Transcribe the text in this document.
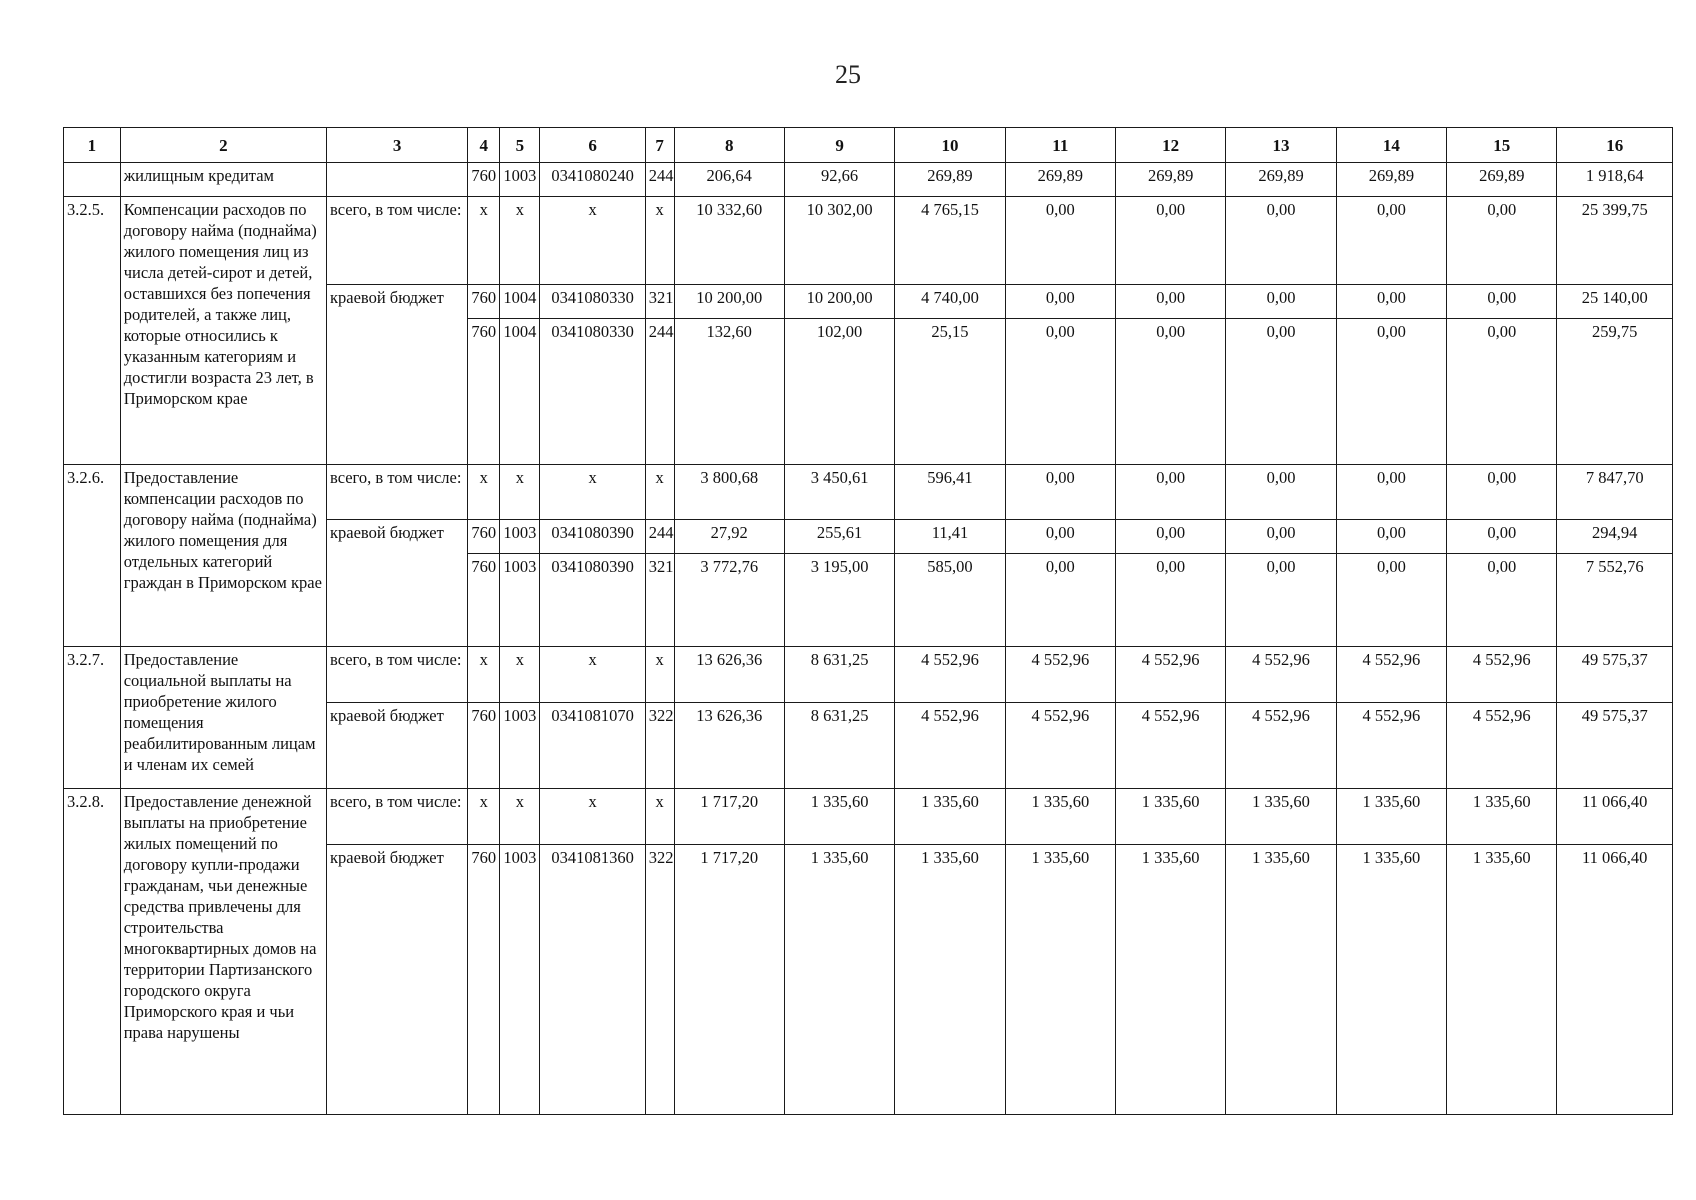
25
1	2	3	4	5	6	7	8	9	10	11	12	13	14	15	16
	жилищным кредитам		760	1003	0341080240	244	206,64	92,66	269,89	269,89	269,89	269,89	269,89	269,89	1 918,64
3.2.5.	Компенсации расходов по договору найма (поднайма) жилого помещения лиц из числа детей-сирот и детей, оставшихся без попечения родителей, а также лиц, которые относились к указанным категориям и достигли возраста 23 лет, в Приморском крае	всего, в том числе:	х	х	х	х	10 332,60	10 302,00	4 765,15	0,00	0,00	0,00	0,00	0,00	25 399,75
		краевой бюджет	760	1004	0341080330	321	10 200,00	10 200,00	4 740,00	0,00	0,00	0,00	0,00	0,00	25 140,00
			760	1004	0341080330	244	132,60	102,00	25,15	0,00	0,00	0,00	0,00	0,00	259,75
3.2.6.	Предоставление компенсации расходов по договору найма (поднайма) жилого помещения для отдельных категорий граждан в Приморском крае	всего, в том числе:	х	х	х	х	3 800,68	3 450,61	596,41	0,00	0,00	0,00	0,00	0,00	7 847,70
		краевой бюджет	760	1003	0341080390	244	27,92	255,61	11,41	0,00	0,00	0,00	0,00	0,00	294,94
			760	1003	0341080390	321	3 772,76	3 195,00	585,00	0,00	0,00	0,00	0,00	0,00	7 552,76
3.2.7.	Предоставление социальной выплаты на приобретение жилого помещения реабилитированным лицам и членам их семей	всего, в том числе:	х	х	х	х	13 626,36	8 631,25	4 552,96	4 552,96	4 552,96	4 552,96	4 552,96	4 552,96	49 575,37
		краевой бюджет	760	1003	0341081070	322	13 626,36	8 631,25	4 552,96	4 552,96	4 552,96	4 552,96	4 552,96	4 552,96	49 575,37
3.2.8.	Предоставление денежной выплаты на приобретение жилых помещений по договору купли-продажи гражданам, чьи денежные средства привлечены для строительства многоквартирных домов на территории Партизанского городского округа Приморского края и чьи права нарушены	всего, в том числе:	х	х	х	х	1 717,20	1 335,60	1 335,60	1 335,60	1 335,60	1 335,60	1 335,60	1 335,60	11 066,40
		краевой бюджет	760	1003	0341081360	322	1 717,20	1 335,60	1 335,60	1 335,60	1 335,60	1 335,60	1 335,60	1 335,60	11 066,40
